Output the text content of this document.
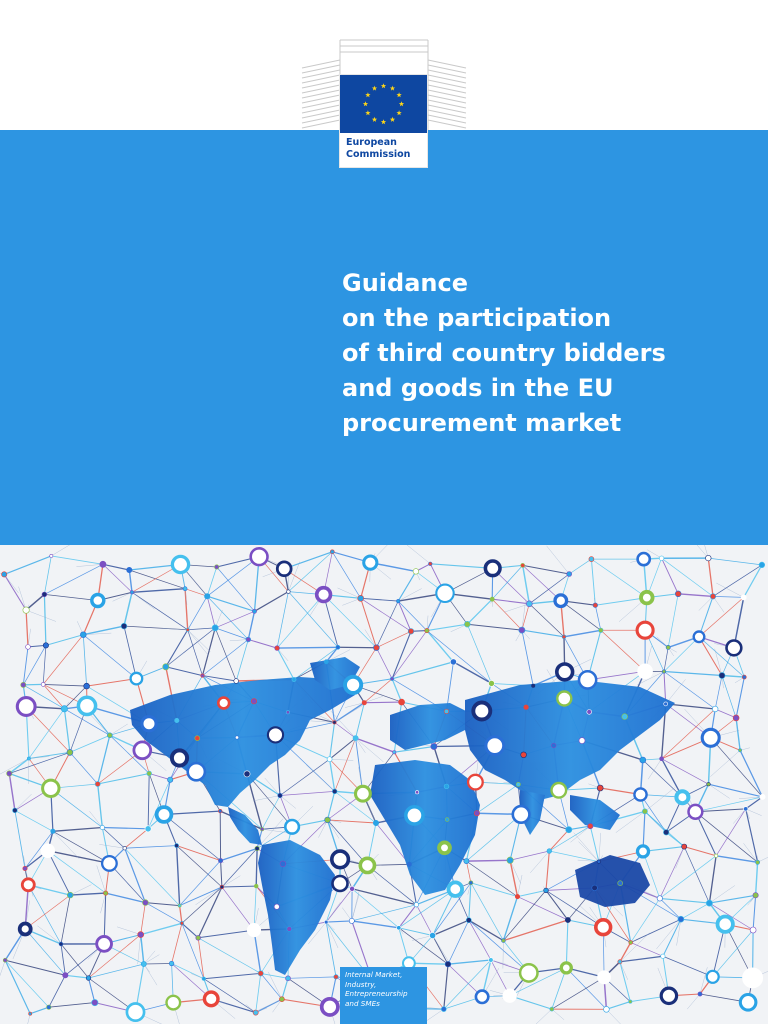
European
Commission
Guidance
on the participation
of third country bidders
and goods in the EU
procurement market
Internal Market,
Industry,
Entrepreneurship
and SMEs
